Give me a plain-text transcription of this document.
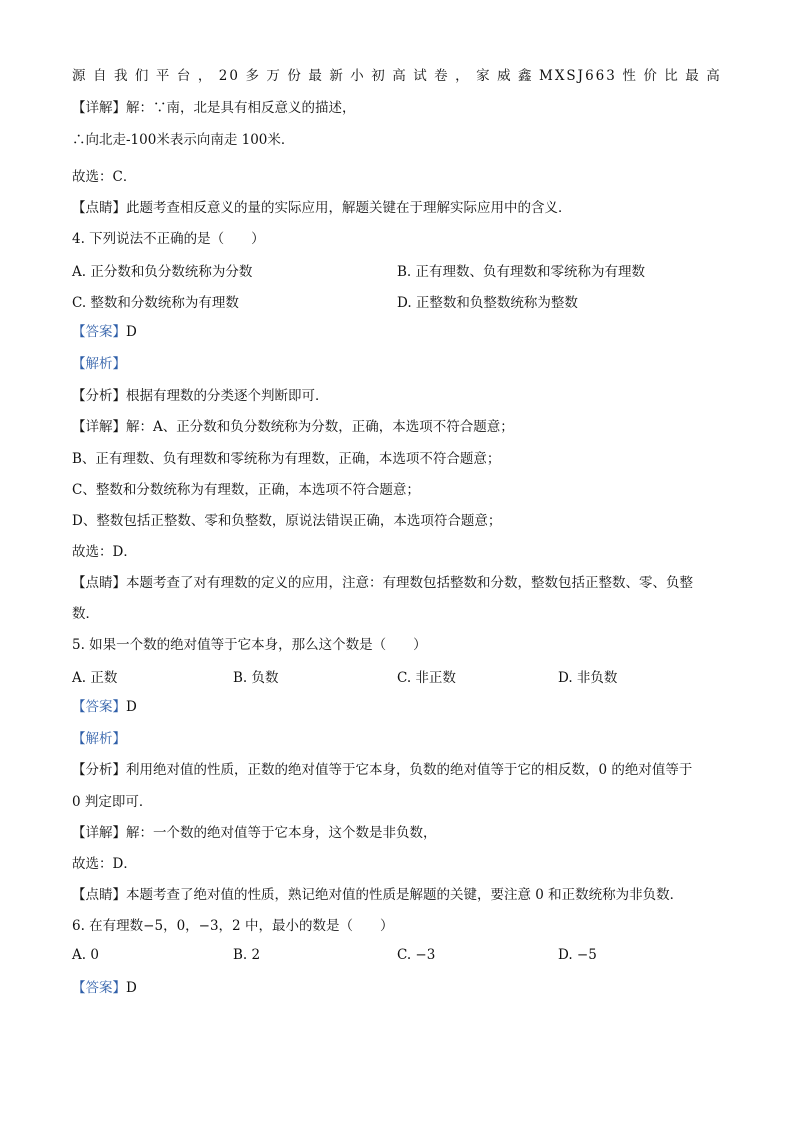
源 自 我 们 平 台 ， 20 多 万 份 最 新 小 初 高 试 卷 ， 家 威 鑫 MXSJ663 性 价 比 最 高
【详解】解：∵南，北是具有相反意义的描述，
∴向北走-100米表示向南走 100米．
故选：C．
【点睛】此题考查相反意义的量的实际应用，解题关键在于理解实际应用中的含义．
4. 下列说法不正确的是（　　）
A. 正分数和负分数统称为分数	B. 正有理数、负有理数和零统称为有理数
C. 整数和分数统称为有理数	D. 正整数和负整数统称为整数
【答案】D
【解析】
【分析】根据有理数的分类逐个判断即可．
【详解】解：A、正分数和负分数统称为分数，正确，本选项不符合题意；
B、正有理数、负有理数和零统称为有理数，正确，本选项不符合题意；
C、整数和分数统称为有理数，正确，本选项不符合题意；
D、整数包括正整数、零和负整数，原说法错误正确，本选项符合题意；
故选：D．
【点睛】本题考查了对有理数的定义的应用，注意：有理数包括整数和分数，整数包括正整数、零、负整
数．
5. 如果一个数的绝对值等于它本身，那么这个数是（　　）
A. 正数	B. 负数	C. 非正数	D. 非负数
【答案】D
【解析】
【分析】利用绝对值的性质，正数的绝对值等于它本身，负数的绝对值等于它的相反数，0 的绝对值等于
0 判定即可．
【详解】解：一个数的绝对值等于它本身，这个数是非负数，
故选：D．
【点睛】本题考查了绝对值的性质，熟记绝对值的性质是解题的关键，要注意 0 和正数统称为非负数．
6. 在有理数−5，0，−3，2 中，最小的数是（　　）
A. 0	B. 2	C. −3	D. −5
【答案】D
